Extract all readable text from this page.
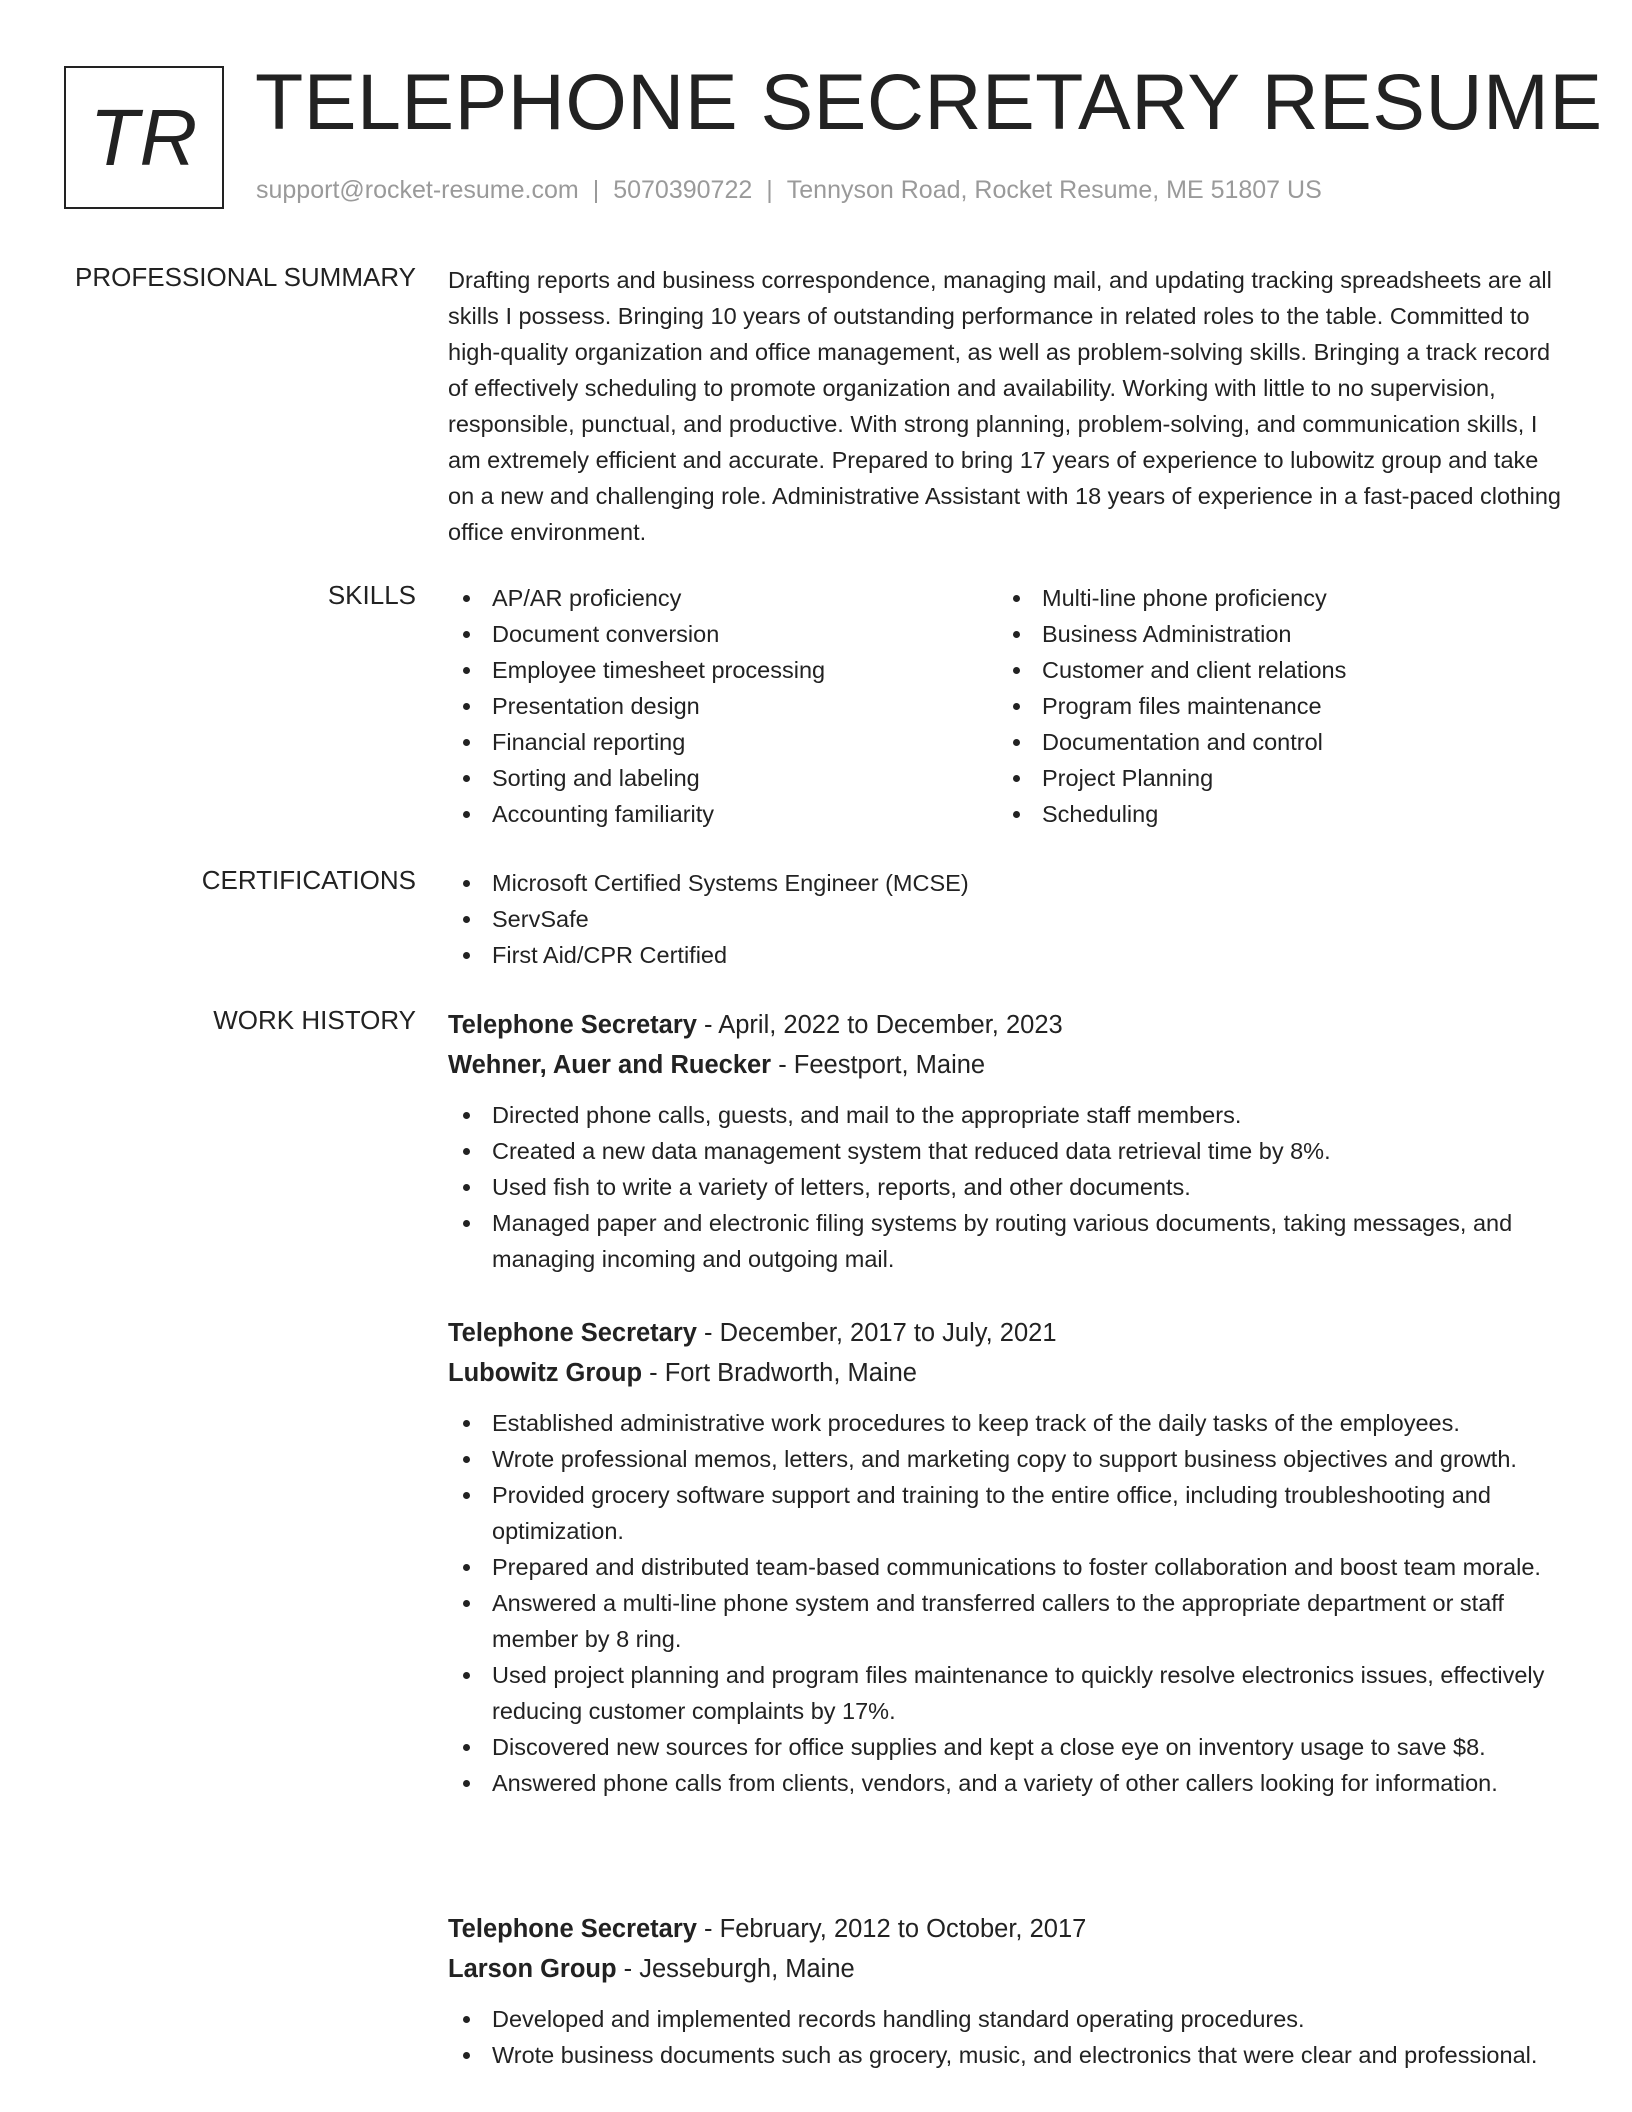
TR TELEPHONE SECRETARY RESUME
support@rocket-resume.com | 5070390722 | Tennyson Road, Rocket Resume, ME 51807 US
PROFESSIONAL SUMMARY Drafting reports and business correspondence, managing mail, and updating tracking spreadsheets are all skills I possess. Bringing 10 years of outstanding performance in related roles to the table. Committed to high-quality organization and office management, as well as problem-solving skills. Bringing a track record of effectively scheduling to promote organization and availability. Working with little to no supervision, responsible, punctual, and productive. With strong planning, problem-solving, and communication skills, I am extremely efficient and accurate. Prepared to bring 17 years of experience to lubowitz group and take on a new and challenging role. Administrative Assistant with 18 years of experience in a fast-paced clothing office environment.
SKILLS	AP/AR proficiency
Document conversion
Employee timesheet processing
Presentation design
Financial reporting
Sorting and labeling
Accounting familiarity
Multi-line phone proficiency
Business Administration
Customer and client relations
Program files maintenance
Documentation and control
Project Planning
Scheduling
CERTIFICATIONS	Microsoft Certified Systems Engineer (MCSE)
ServSafe
First Aid/CPR Certified
WORK HISTORY Telephone Secretary - April, 2022 to December, 2023
Wehner, Auer and Ruecker - Feestport, Maine
Directed phone calls, guests, and mail to the appropriate staff members.
Created a new data management system that reduced data retrieval time by 8%.
Used fish to write a variety of letters, reports, and other documents.
Managed paper and electronic filing systems by routing various documents, taking messages, and managing incoming and outgoing mail.
Telephone Secretary - December, 2017 to July, 2021
Lubowitz Group - Fort Bradworth, Maine
Established administrative work procedures to keep track of the daily tasks of the employees.
Wrote professional memos, letters, and marketing copy to support business objectives and growth.
Provided grocery software support and training to the entire office, including troubleshooting and optimization.
Prepared and distributed team-based communications to foster collaboration and boost team morale.
Answered a multi-line phone system and transferred callers to the appropriate department or staff member by 8 ring.
Used project planning and program files maintenance to quickly resolve electronics issues, effectively reducing customer complaints by 17%.
Discovered new sources for office supplies and kept a close eye on inventory usage to save $8.
Answered phone calls from clients, vendors, and a variety of other callers looking for information.
Telephone Secretary - February, 2012 to October, 2017
Larson Group - Jesseburgh, Maine
Developed and implemented records handling standard operating procedures.
Wrote business documents such as grocery, music, and electronics that were clear and professional.
